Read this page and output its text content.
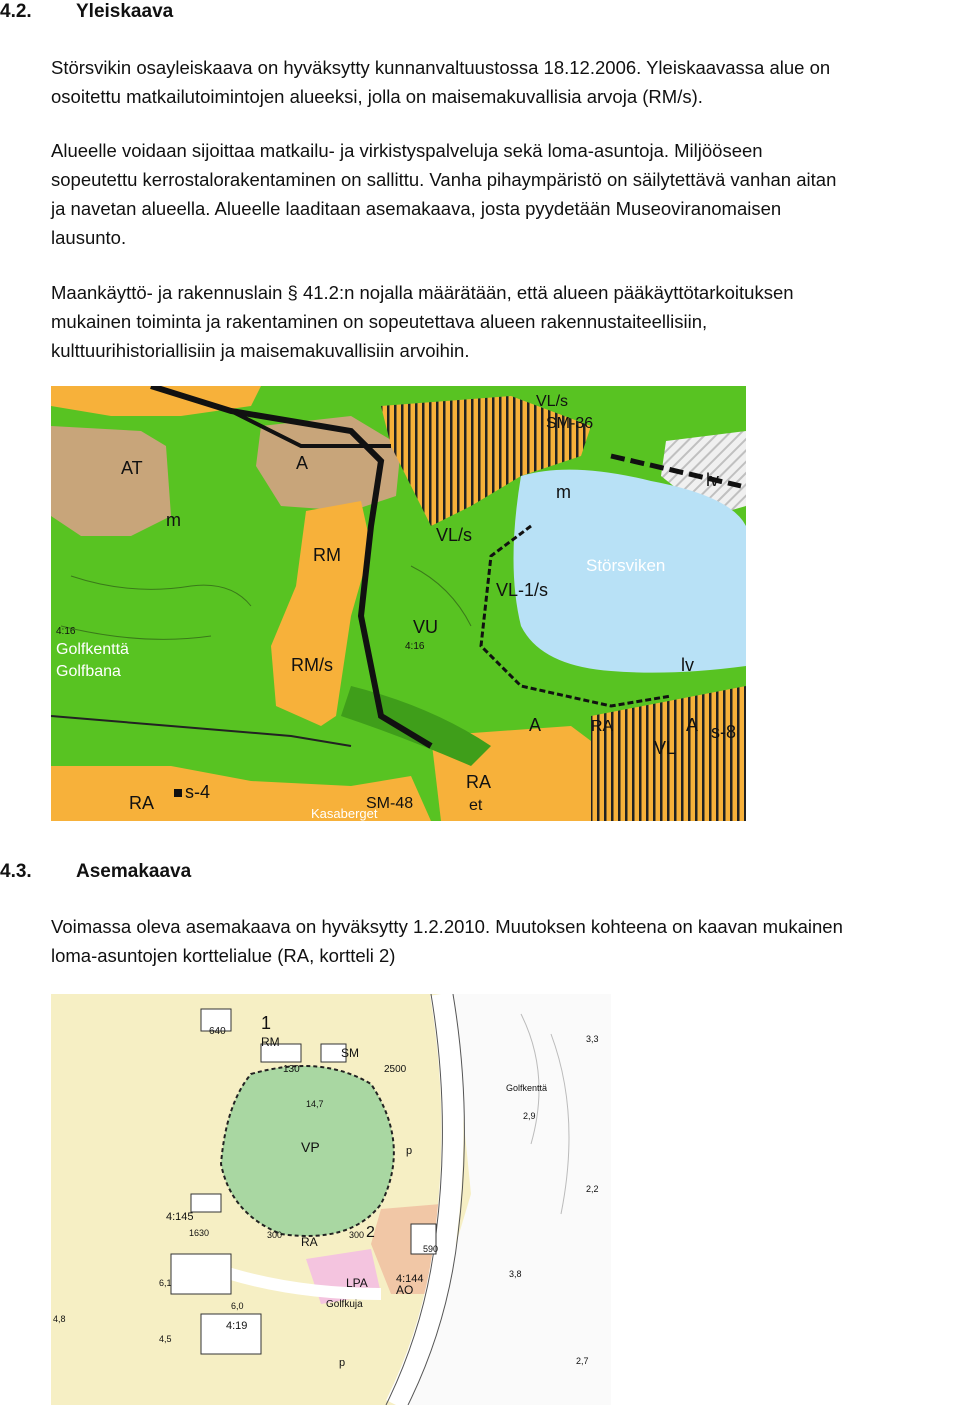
4.2. Yleiskaava

Störsvikin osayleiskaava on hyväksytty kunnanvaltuustossa 18.12.2006. Yleiskaavassa alue on
osoitettu matkailutoimintojen alueeksi, jolla on maisemakuvallisia arvoja (RM/s).

Alueelle voidaan sijoittaa matkailu- ja virkistyspalveluja sekä loma-asuntoja. Miljööseen
sopeutettu kerrostalorakentaminen on sallittu. Vanha pihaympäristö on säilytettävä vanhan aitan
ja navetan alueella. Alueelle laaditaan asemakaava, josta pyydetään Museoviranomaisen
lausunto.

Maankäyttö- ja rakennuslain § 41.2:n nojalla määrätään, että alueen pääkäyttötarkoituksen
mukainen toiminta ja rakentaminen on sopeutettava alueen rakennustaiteellisiin,
kulttuurihistoriallisiin ja maisemakuvallisiin arvoihin.

AT	A
m
RM
RM/s
4:16
Golfkenttä
Golfbana
VU
4:16
VL/s
VL-1/s
Störsviken
lv
lv
m
VL/s
SM-36
A	RA	A s-8
VL
RA
et
RA
s-4
SM-48
Kasaberget
4.3. Asemakaava

Voimassa oleva asemakaava on hyväksytty 1.2.2010. Muutoksen kohteena on kaavan mukainen
loma-asuntojen korttelialue (RA, kortteli 2)

1
640
RM
130	2500
SM
14,7
VP
Golfkenttä
3,3
2,9
2,2
3,8
2,7
p
4:145
1630	300	300 2
RA	590
LPA	4:144
AO
Golfkuja
6,1
6,0
4,8
4,5
4:19
p
